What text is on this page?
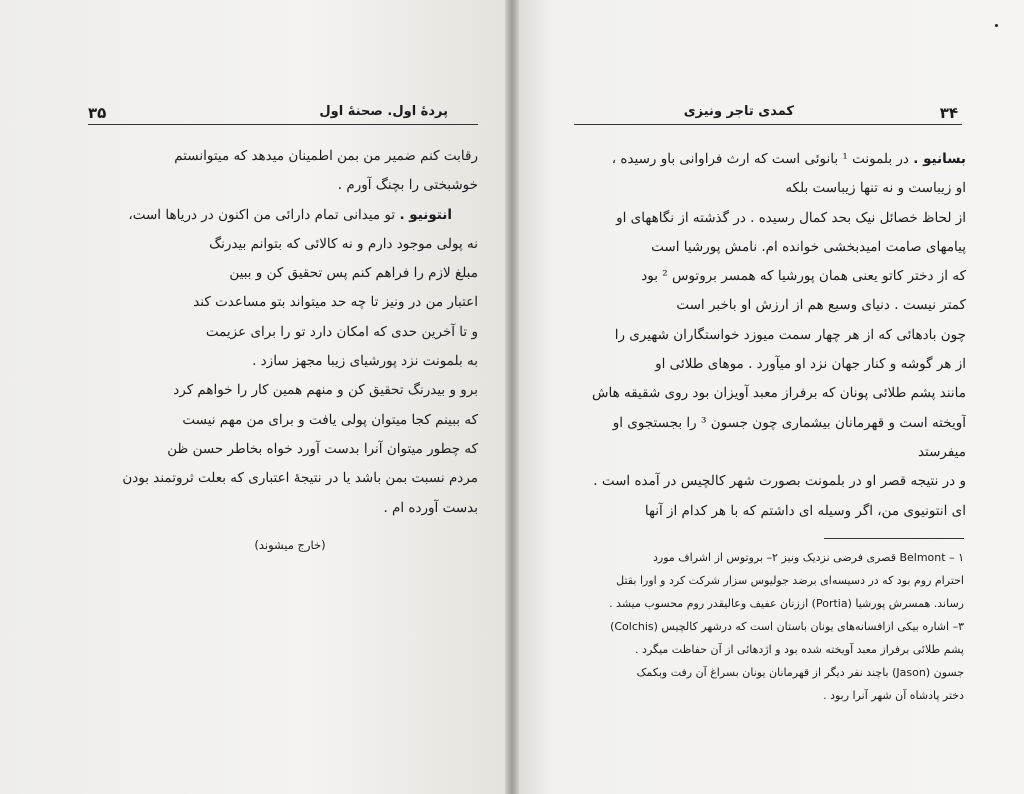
۳۵	پردهٔ اول. صحنهٔ اول
رقابت کنم ضمیر من بمن اطمینان میدهد که میتوانستم
خوشبختی را بچنگ آورم .
انتونیو . تو میدانی تمام دارائی من اکنون در دریاها است،
نه پولی موجود دارم و نه کالائی که بتوانم بیدرنگ
مبلغ لازم را فراهم کنم پس تحقیق کن و ببین
اعتبار من در ونیز تا چه حد میتواند بتو مساعدت کند
و تا آخرین حدی که امکان دارد تو را برای عزیمت
به بلمونت نزد پورشیای زیبا مجهز سازد .
برو و بیدرنگ تحقیق کن و منهم همین کار را خواهم کرد
که ببینم کجا میتوان پولی یافت و برای من مهم نیست
که چطور میتوان آنرا بدست آورد خواه بخاطر حسن ظن
مردم نسبت بمن باشد یا در نتیجهٔ اعتباری که بعلت ثروتمند بودن
بدست آورده ام .
(خارج میشوند)
۳۴
کمدی تاجر ونیزی
بسانیو . در بلمونت ¹ بانوئی است که ارث فراوانی باو رسیده ،
او زیباست و نه تنها زیباست بلکه
از لحاظ خصائل نیک بحد کمال رسیده . در گذشته از نگاههای او
پیامهای صامت امیدبخشی خوانده ام. نامش پورشیا است
که از دختر کاتو یعنی همان پورشیا که همسر بروتوس ² بود
کمتر نیست . دنیای وسیع هم از ارزش او باخبر است
چون بادهائی که از هر چهار سمت میوزد خواستگاران شهیری را
از هر گوشه و کنار جهان نزد او میآورد . موهای طلائی او
مانند پشم طلائی پونان که برفراز معبد آویزان بود روی شقیقه هاش
آویخته است و قهرمانان بیشماری چون جسون ³ را بجستجوی او
میفرستد
و در نتیجه قصر او در بلمونت بصورت شهر کالچیس در آمده است .
ای انتونیوی من، اگر وسیله ای داشتم که با هر کدام از آنها
۱ – Belmont قصری فرضی نزدیک ونیز ۲– بروتوس از اشراف مورد
احترام روم بود که در دسیسه‌ای برضد جولیوس سزار شرکت کرد و اورا بقتل
رساند. همسرش پورشیا (Portia) اززنان عفیف وعالیقدر روم محسوب میشد .
۳– اشاره بیکی ازافسانه‌های یونان باستان است که درشهر کالچیس (Colchis)
پشم طلائی برفراز معبد آویخته شده بود و اژدهائی از آن حفاظت میگرد .
جسون (Jason) باچند نفر دیگر از قهرمانان یونان بسراغ آن رفت وبکمک
دختر پادشاه آن شهر آنرا ربود .
